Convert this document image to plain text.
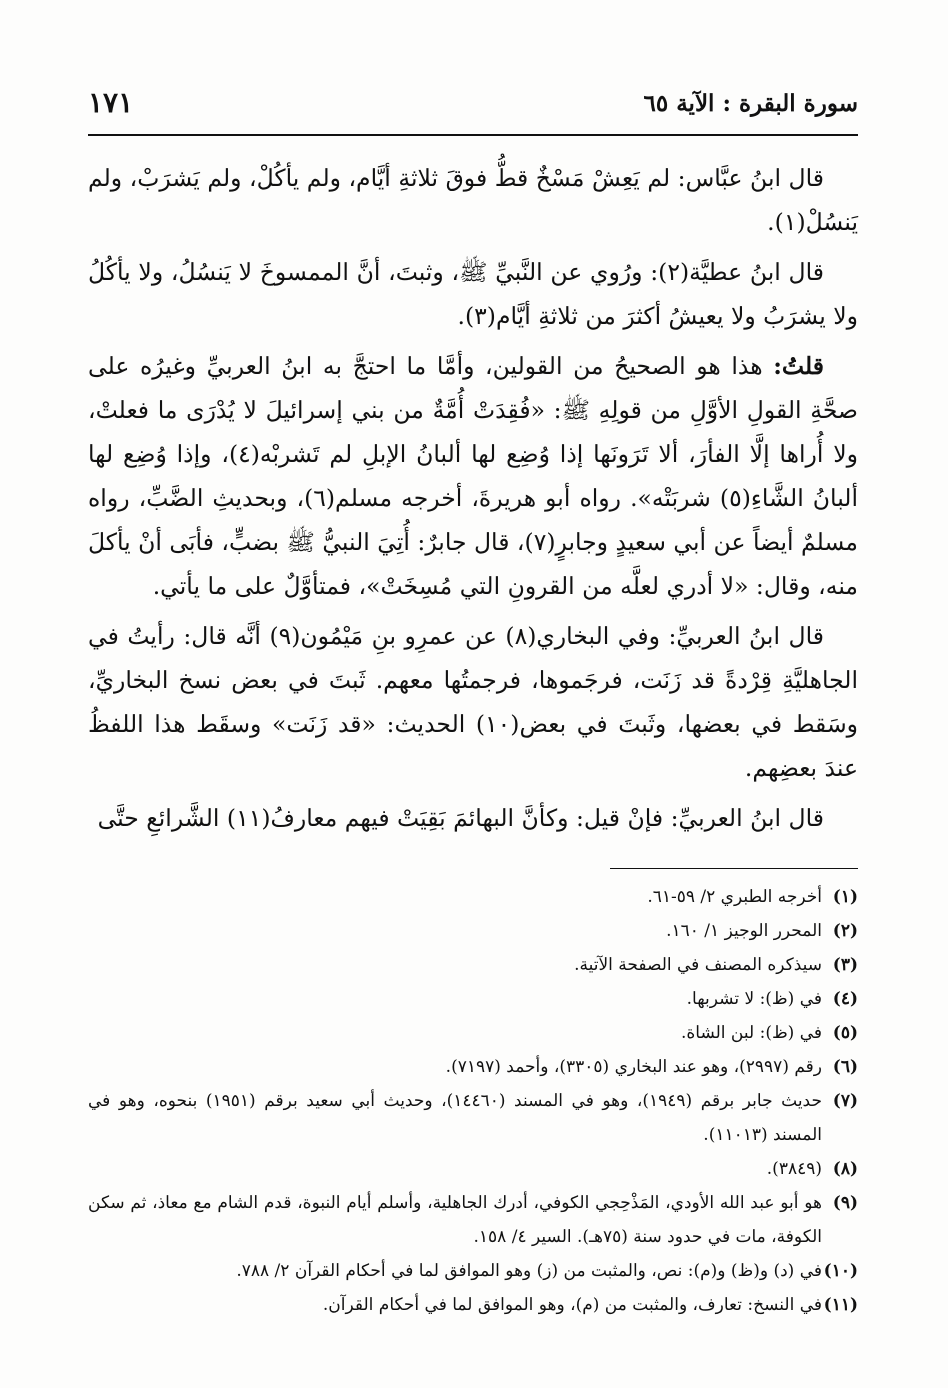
سورة البقرة : الآية ٦٥
١٧١

قال ابنُ عبَّاس: لم يَعِشْ مَسْخٌ قطُّ فوقَ ثلاثةِ أيَّام، ولم يأكُلْ، ولم يَشرَبْ، ولم يَنسُلْ(١).

قال ابنُ عطيَّة(٢): ورُوي عن النَّبيِّ ﷺ، وثبتَ، أنَّ الممسوخَ لا يَنسُلُ، ولا يأكُلُ ولا يشرَبُ ولا يعيشُ أكثرَ من ثلاثةِ أيَّام(٣).

قلتُ: هذا هو الصحيحُ من القولين، وأمَّا ما احتجَّ به ابنُ العربيِّ وغيرُه على صحَّةِ القولِ الأوَّلِ من قولِهِ ﷺ: «فُقِدَتْ أُمَّةٌ من بني إسرائيلَ لا يُدْرَى ما فعلتْ، ولا أُراها إلَّا الفأرَ، ألا تَرَونَها إذا وُضِع لها ألبانُ الإبلِ لم تَشربْه(٤)، وإذا وُضِع لها ألبانُ الشَّاءِ(٥) شربَتْه». رواه أبو هريرةَ، أخرجه مسلم(٦)، وبحديثِ الضَّبِّ، رواه مسلمٌ أيضاً عن أبي سعيدٍ وجابرٍ(٧)، قال جابرٌ: أُتِيَ النبيُّ ﷺ بضبٍّ، فأبَى أنْ يأكلَ منه، وقال: «لا أدري لعلَّه من القرونِ التي مُسِخَتْ»، فمتأوَّلٌ على ما يأتي.

قال ابنُ العربيِّ: وفي البخاري(٨) عن عمرِو بنِ مَيْمُون(٩) أنَّه قال: رأيتُ في الجاهليَّةِ قِرْدةً قد زَنَت، فرجَموها، فرجمتُها معهم. ثَبتَ في بعض نسخ البخاريِّ، وسَقط في بعضها، وثَبتَ في بعض(١٠) الحديث: «قد زَنَت» وسقَط هذا اللفظُ عندَ بعضِهم.

قال ابنُ العربيِّ: فإنْ قيل: وكأنَّ البهائمَ بَقِيَتْ فيهم معارفُ(١١) الشَّرائعِ حتَّى

(١)
أخرجه الطبري ٢/ ٥٩-٦١.
(٢)
المحرر الوجيز ١/ ١٦٠.
(٣)
سيذكره المصنف في الصفحة الآتية.
(٤)
في (ظ): لا تشربها.
(٥)
في (ظ): لبن الشاة.
(٦)
رقم (٢٩٩٧)، وهو عند البخاري (٣٣٠٥)، وأحمد (٧١٩٧).
(٧)
حديث جابر برقم (١٩٤٩)، وهو في المسند (١٤٤٦٠)، وحديث أبي سعيد برقم (١٩٥١) بنحوه، وهو في المسند (١١٠١٣).
(٨)
(٣٨٤٩).
(٩)
هو أبو عبد الله الأودي، المَذْحِجي الكوفي، أدرك الجاهلية، وأسلم أيام النبوة، قدم الشام مع معاذ، ثم سكن الكوفة، مات في حدود سنة (٧٥هـ). السير ٤/ ١٥٨.
(١٠)
في (د) و(ظ) و(م): نص، والمثبت من (ز) وهو الموافق لما في أحكام القرآن ٢/ ٧٨٨.
(١١)
في النسخ: تعارف، والمثبت من (م)، وهو الموافق لما في أحكام القرآن.
